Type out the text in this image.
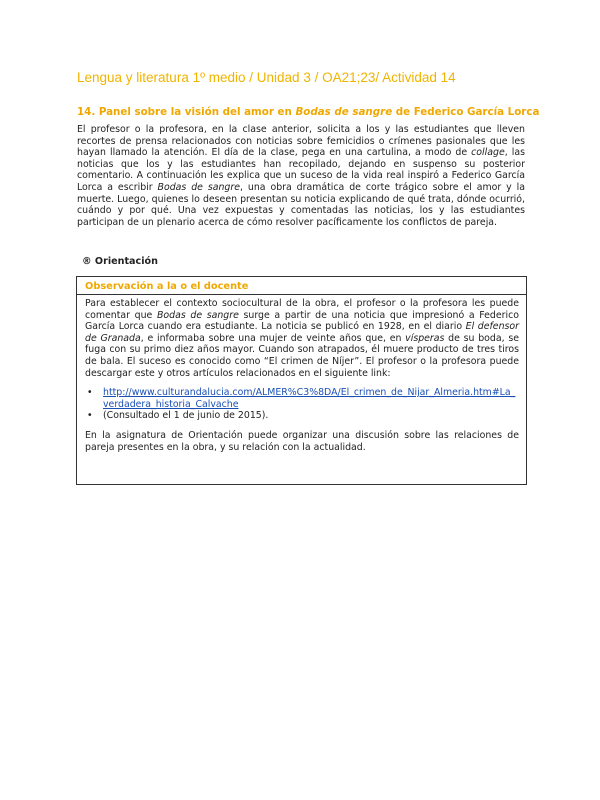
Lengua y literatura 1º medio / Unidad 3 / OA21;23/ Actividad 14
14. Panel sobre la visión del amor en Bodas de sangre de Federico García Lorca

El profesor o la profesora, en la clase anterior, solicita a los y las estudiantes que lleven recortes de prensa relacionados con noticias sobre femicidios o crímenes pasionales que les hayan llamado la atención. El día de la clase, pega en una cartulina, a modo de collage, las noticias que los y las estudiantes han recopilado, dejando en suspenso su posterior comentario. A continuación les explica que un suceso de la vida real inspiró a Federico García Lorca a escribir Bodas de sangre, una obra dramática de corte trágico sobre el amor y la muerte. Luego, quienes lo deseen presentan su noticia explicando de qué trata, dónde ocurrió, cuándo y por qué. Una vez expuestas y comentadas las noticias, los y las estudiantes participan de un plenario acerca de cómo resolver pacíficamente los conflictos de pareja.

® Orientación
Observación a la o el docente

Para establecer el contexto sociocultural de la obra, el profesor o la profesora les puede comentar que Bodas de sangre surge a partir de una noticia que impresionó a Federico García Lorca cuando era estudiante. La noticia se publicó en 1928, en el diario El defensor de Granada, e informaba sobre una mujer de veinte años que, en vísperas de su boda, se fuga con su primo diez años mayor. Cuando son atrapados, él muere producto de tres tiros de bala. El suceso es conocido como “El crimen de Níjer”. El profesor o la profesora puede descargar este y otros artículos relacionados en el siguiente link:

• http://www.culturandalucia.com/ALMER%C3%8DA/El_crimen_de_Nijar_Almeria.htm#La_verdadera_historia_Calvache
• (Consultado el 1 de junio de 2015).

En la asignatura de Orientación puede organizar una discusión sobre las relaciones de pareja presentes en la obra, y su relación con la actualidad.
